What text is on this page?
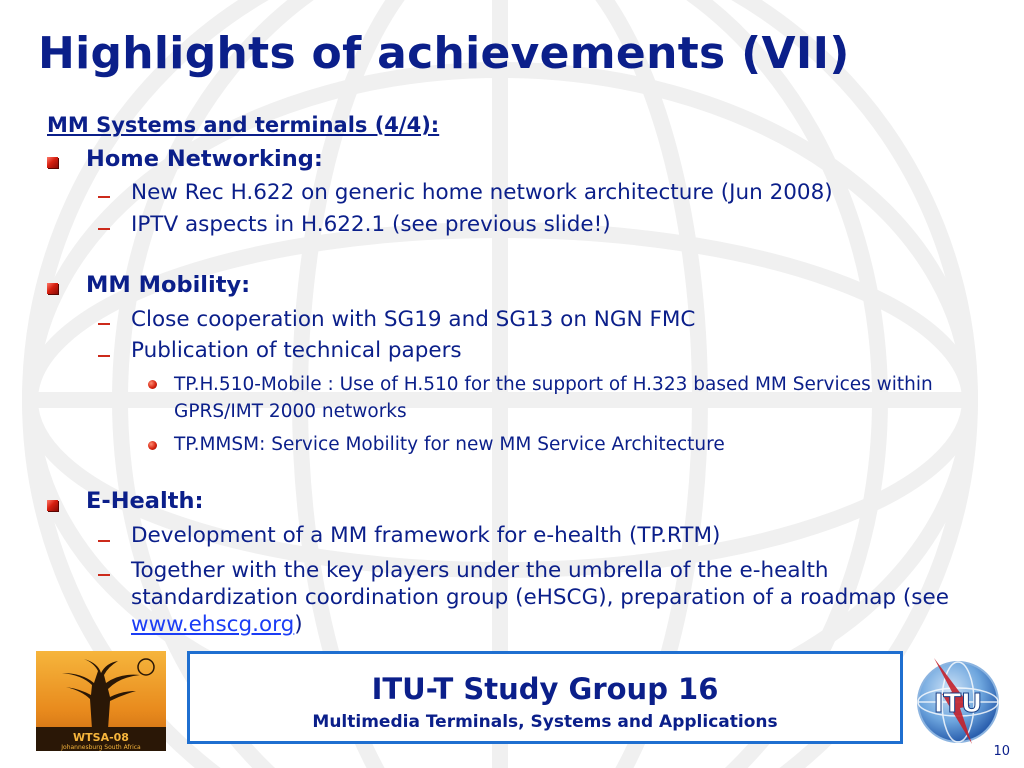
Highlights of achievements (VII)
MM Systems and terminals (4/4):
Home Networking:
New Rec H.622 on generic home network architecture (Jun 2008)
IPTV aspects in H.622.1 (see previous slide!)
MM Mobility:
Close cooperation with SG19 and SG13 on NGN FMC
Publication of technical papers
TP.H.510-Mobile : Use of H.510 for the support of H.323 based MM Services within GPRS/IMT 2000 networks
TP.MMSM: Service Mobility for new MM Service Architecture
E-Health:
Development of a MM framework for e-health (TP.RTM)
Together with the key players under the umbrella of the e-health standardization coordination group (eHSCG), preparation of a roadmap (see www.ehscg.org)
WTSA-08
Johannesburg South Africa
ITU-T Study Group 16
Multimedia Terminals, Systems and Applications
ITU
10
